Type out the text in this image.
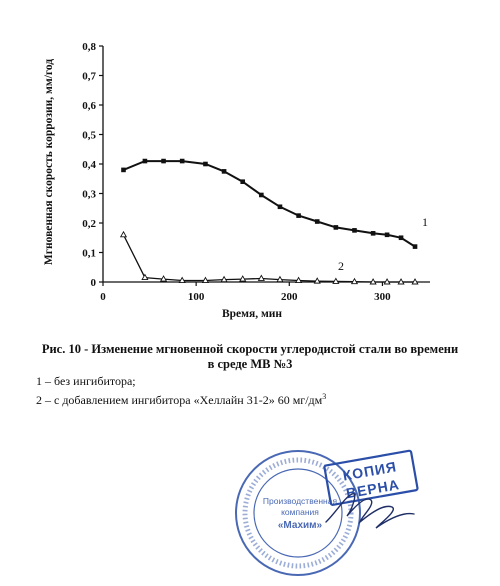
0
0,1
0,2
0,3
0,4
0,5
0,6
0,7
0,8
0	100	200	300
Время, мин
Мгновенная скорость коррозии, мм/год	1
2
Рис. 10 - Изменение мгновенной скорости углеродистой стали во времени
в среде МВ №3
1 – без ингибитора;
2 – с добавлением ингибитора «Хеллайн 31-2» 60 $мг/дм^3$
КОПИЯ
ВЕРНА
Производственная
компания
«Махим»
